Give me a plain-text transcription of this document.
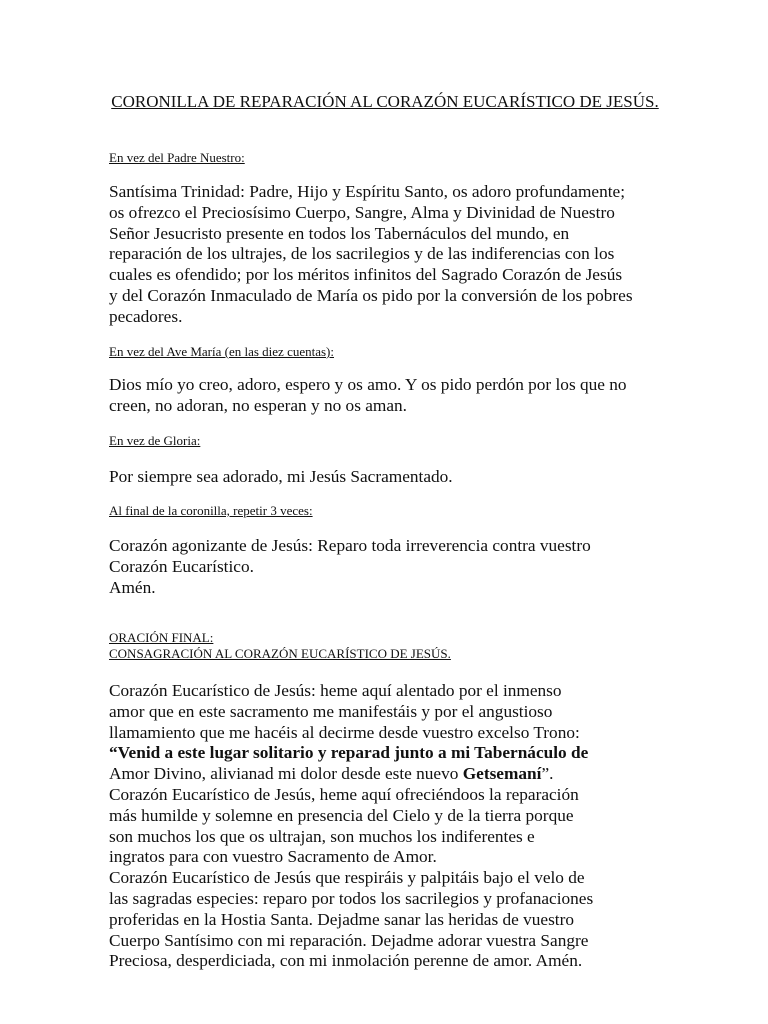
CORONILLA DE REPARACIÓN AL CORAZÓN EUCARÍSTICO DE JESÚS.

En vez del Padre Nuestro:

Santísima Trinidad: Padre, Hijo y Espíritu Santo, os adoro profundamente;
os ofrezco el Preciosísimo Cuerpo, Sangre, Alma y Divinidad de Nuestro
Señor Jesucristo presente en todos los Tabernáculos del mundo, en
reparación de los ultrajes, de los sacrilegios y de las indiferencias con los
cuales es ofendido; por los méritos infinitos del Sagrado Corazón de Jesús
y del Corazón Inmaculado de María os pido por la conversión de los pobres
pecadores.

En vez del Ave María (en las diez cuentas):

Dios mío yo creo, adoro, espero y os amo. Y os pido perdón por los que no
creen, no adoran, no esperan y no os aman.

En vez de Gloria:

Por siempre sea adorado, mi Jesús Sacramentado.

Al final de la coronilla, repetir 3 veces:

Corazón agonizante de Jesús: Reparo toda irreverencia contra vuestro
Corazón Eucarístico.
Amén.

ORACIÓN FINAL:

CONSAGRACIÓN AL CORAZÓN EUCARÍSTICO DE JESÚS.

Corazón Eucarístico de Jesús: heme aquí alentado por el inmenso
amor que en este sacramento me manifestáis y por el angustioso
llamamiento que me hacéis al decirme desde vuestro excelso Trono:
“Venid a este lugar solitario y reparad junto a mi Tabernáculo de
Amor Divino, alivianad mi dolor desde este nuevo Getsemaní”.
Corazón Eucarístico de Jesús, heme aquí ofreciéndoos la reparación
más humilde y solemne en presencia del Cielo y de la tierra porque
son muchos los que os ultrajan, son muchos los indiferentes e
ingratos para con vuestro Sacramento de Amor.
Corazón Eucarístico de Jesús que respiráis y palpitáis bajo el velo de
las sagradas especies: reparo por todos los sacrilegios y profanaciones
proferidas en la Hostia Santa. Dejadme sanar las heridas de vuestro
Cuerpo Santísimo con mi reparación. Dejadme adorar vuestra Sangre
Preciosa, desperdiciada, con mi inmolación perenne de amor. Amén.
